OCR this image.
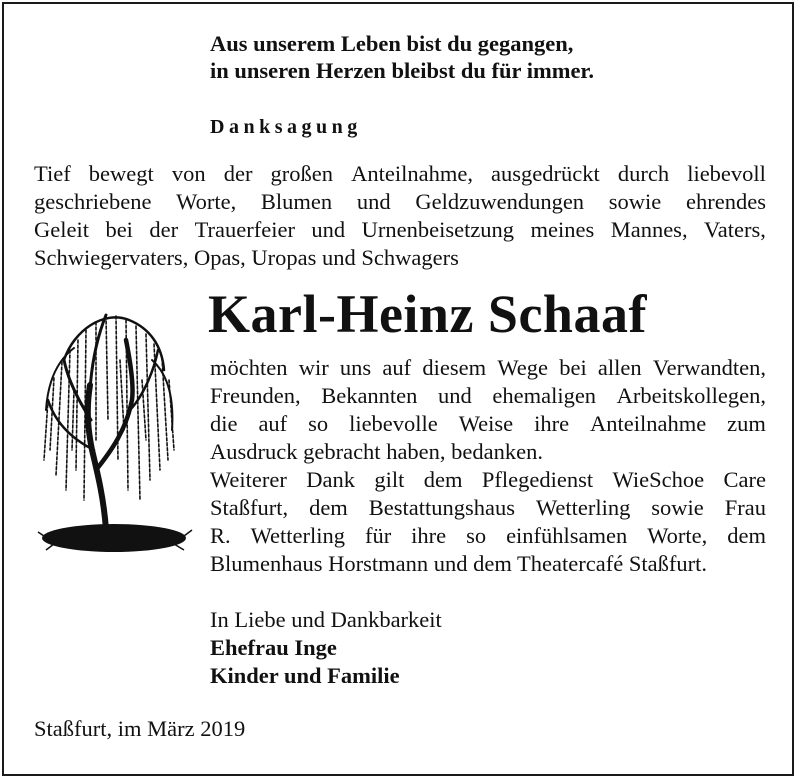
Aus unserem Leben bist du gegangen,
in unseren Herzen bleibst du für immer.
Danksagung
Tief bewegt von der großen Anteilnahme, ausgedrückt durch liebevoll
geschriebene Worte, Blumen und Geldzuwendungen sowie ehrendes
Geleit bei der Trauerfeier und Urnenbeisetzung meines Mannes, Vaters,
Schwiegervaters, Opas, Uropas und Schwagers
Karl-Heinz Schaaf
möchten wir uns auf diesem Wege bei allen Verwandten,
Freunden, Bekannten und ehemaligen Arbeitskollegen,
die auf so liebevolle Weise ihre Anteilnahme zum
Ausdruck gebracht haben, bedanken.
Weiterer Dank gilt dem Pflegedienst WieSchoe Care
Staßfurt, dem Bestattungshaus Wetterling sowie Frau
R. Wetterling für ihre so einfühlsamen Worte, dem
Blumenhaus Horstmann und dem Theatercafé Staßfurt.
In Liebe und Dankbarkeit
Ehefrau Inge
Kinder und Familie
Staßfurt, im März 2019
